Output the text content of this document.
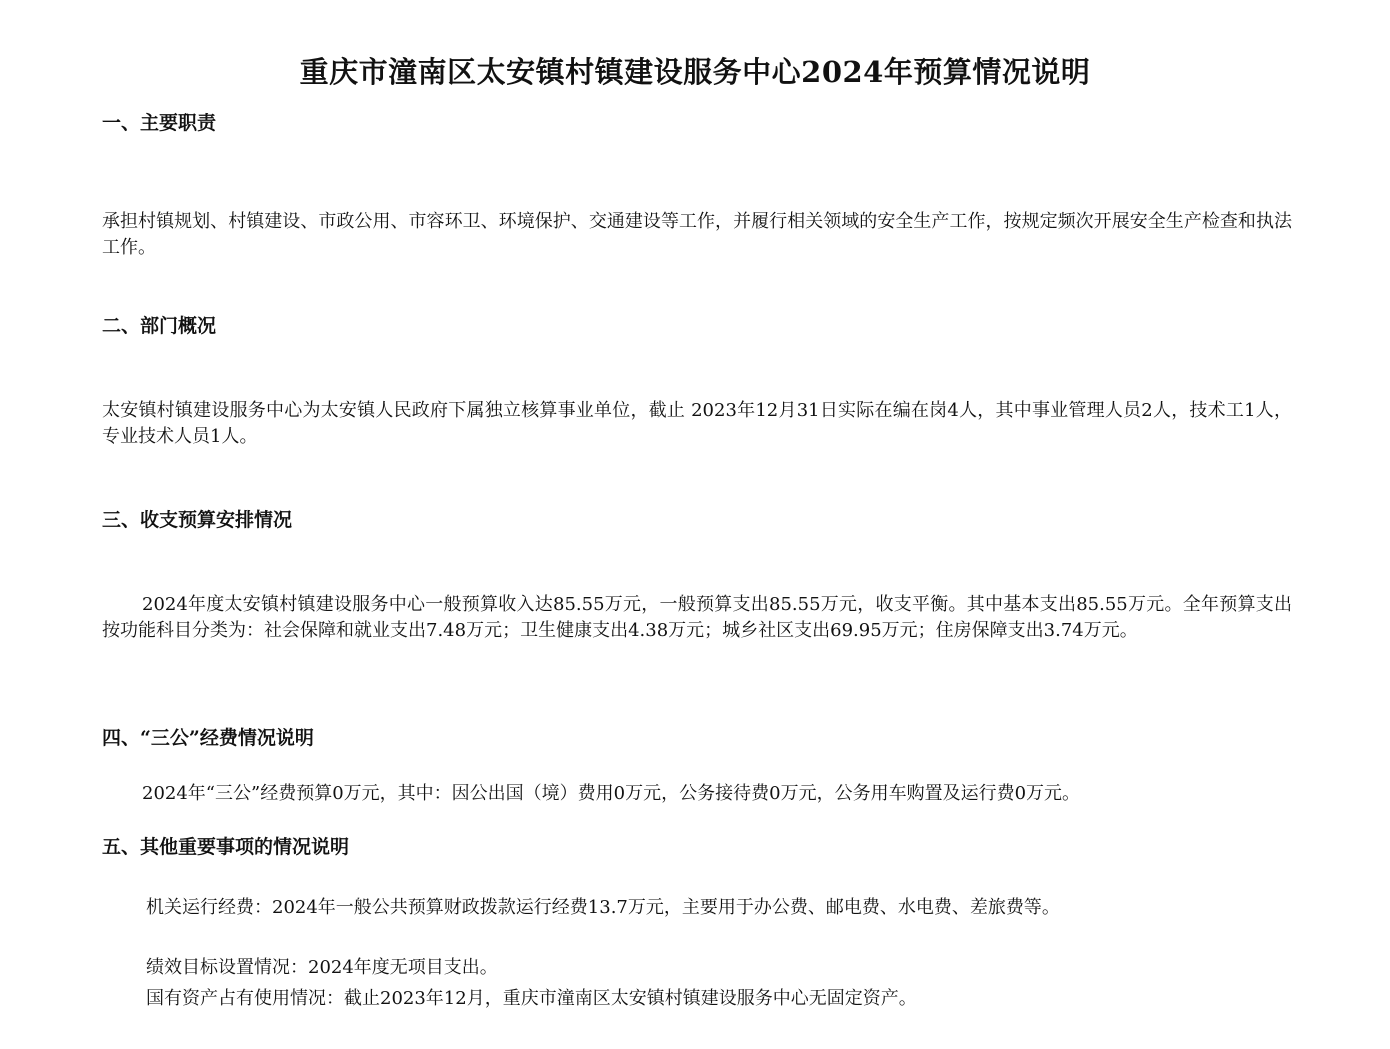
重庆市潼南区太安镇村镇建设服务中心2024年预算情况说明
一、主要职责
承担村镇规划、村镇建设、市政公用、市容环卫、环境保护、交通建设等工作，并履行相关领域的安全生产工作，按规定频次开展安全生产检查和执法工作。
二、部门概况
太安镇村镇建设服务中心为太安镇人民政府下属独立核算事业单位，截止 2023年12月31日实际在编在岗4人，其中事业管理人员2人，技术工1人，专业技术人员1人。
三、收支预算安排情况
2024年度太安镇村镇建设服务中心一般预算收入达85.55万元，一般预算支出85.55万元，收支平衡。其中基本支出85.55万元。全年预算支出按功能科目分类为：社会保障和就业支出7.48万元；卫生健康支出4.38万元；城乡社区支出69.95万元；住房保障支出3.74万元。
四、“三公”经费情况说明
2024年“三公”经费预算0万元，其中：因公出国（境）费用0万元，公务接待费0万元，公务用车购置及运行费0万元。
五、其他重要事项的情况说明
机关运行经费：2024年一般公共预算财政拨款运行经费13.7万元，主要用于办公费、邮电费、水电费、差旅费等。
绩效目标设置情况：2024年度无项目支出。
国有资产占有使用情况：截止2023年12月，重庆市潼南区太安镇村镇建设服务中心无固定资产。
